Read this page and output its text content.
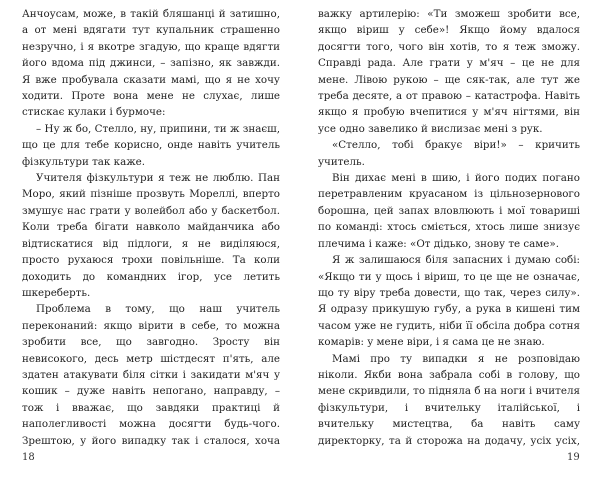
Анчоусам, може, в такій бляшанці й затишно, а от мені вдягати тут купальник страшенно незручно, і я вкотре згадую, що краще вдягти його вдома під джинси, – запізно, як завжди. Я вже пробувала сказати мамі, що я не хочу ходити. Проте вона мене не слухає, лише стискає кулаки і бурмоче:

– Ну ж бо, Стелло, ну, припини, ти ж знаєш, що це для тебе корисно, онде навіть учитель фізкультури так каже.

Учителя фізкультури я теж не люблю. Пан Моро, який пізніше прозвуть Мореллі, вперто змушує нас грати у волейбол або у баскетбол. Коли треба бігати навколо майданчика або відтискатися від підлоги, я не виділяюся, просто рухаюся трохи повільніше. Та коли доходить до командних ігор, усе летить шкереберть.

Проблема в тому, що наш учитель переконаний: якщо вірити в себе, то можна зробити все, що завгодно. Зросту він невисокого, десь метр шістдесят п'ять, але здатен атакувати біля сітки і закидати м'яч у кошик – дуже навіть непогано, направду, – тож і вважає, що завдяки практиці й наполегливості можна досягти будь-чого. Зрештою, у його випадку так і сталося, хоча

важку артилерію: «Ти зможеш зробити все, якщо віриш у себе»! Якщо йому вдалося досягти того, чого він хотів, то я теж зможу. Справді рада. Але грати у м'яч – це не для мене. Лівою рукою – ще сяк-так, але тут же треба десяте, а от правою – катастрофа. Навіть якщо я пробую вчепитися у м'яч нігтями, він усе одно завелико й вислизає мені з рук.

«Стелло, тобі бракує віри!» – кричить учитель.

Він дихає мені в шию, і його подих поганo перетравленим круасаном із цільнозернового борошна, цей запах вловлюють і мої товариші по команді: хтось сміється, хтось лише знизує плечима і каже: «От дідько, знову те саме».

Я ж залишаюся біля запасних і думаю собі: «Якщо ти у щось і віриш, то це ще не означає, що ту віру треба довести, що так, через силу». Я одразу прикушую губу, а рука в кишені тим часом уже не гудить, ніби її обсіла добра сотня комарів: у мене віри, і я сама це не знаю.

Мамі про ту випадки я не розповідаю ніколи. Якби вона забрала собі в голову, що мене скривдили, то підняла б на ноги і вчителя фізкультури, і вчительку італійської, і вчительку мистецтва, ба навіть саму директорку, та й сторожа на додачу, усіх усіх,

18	19
